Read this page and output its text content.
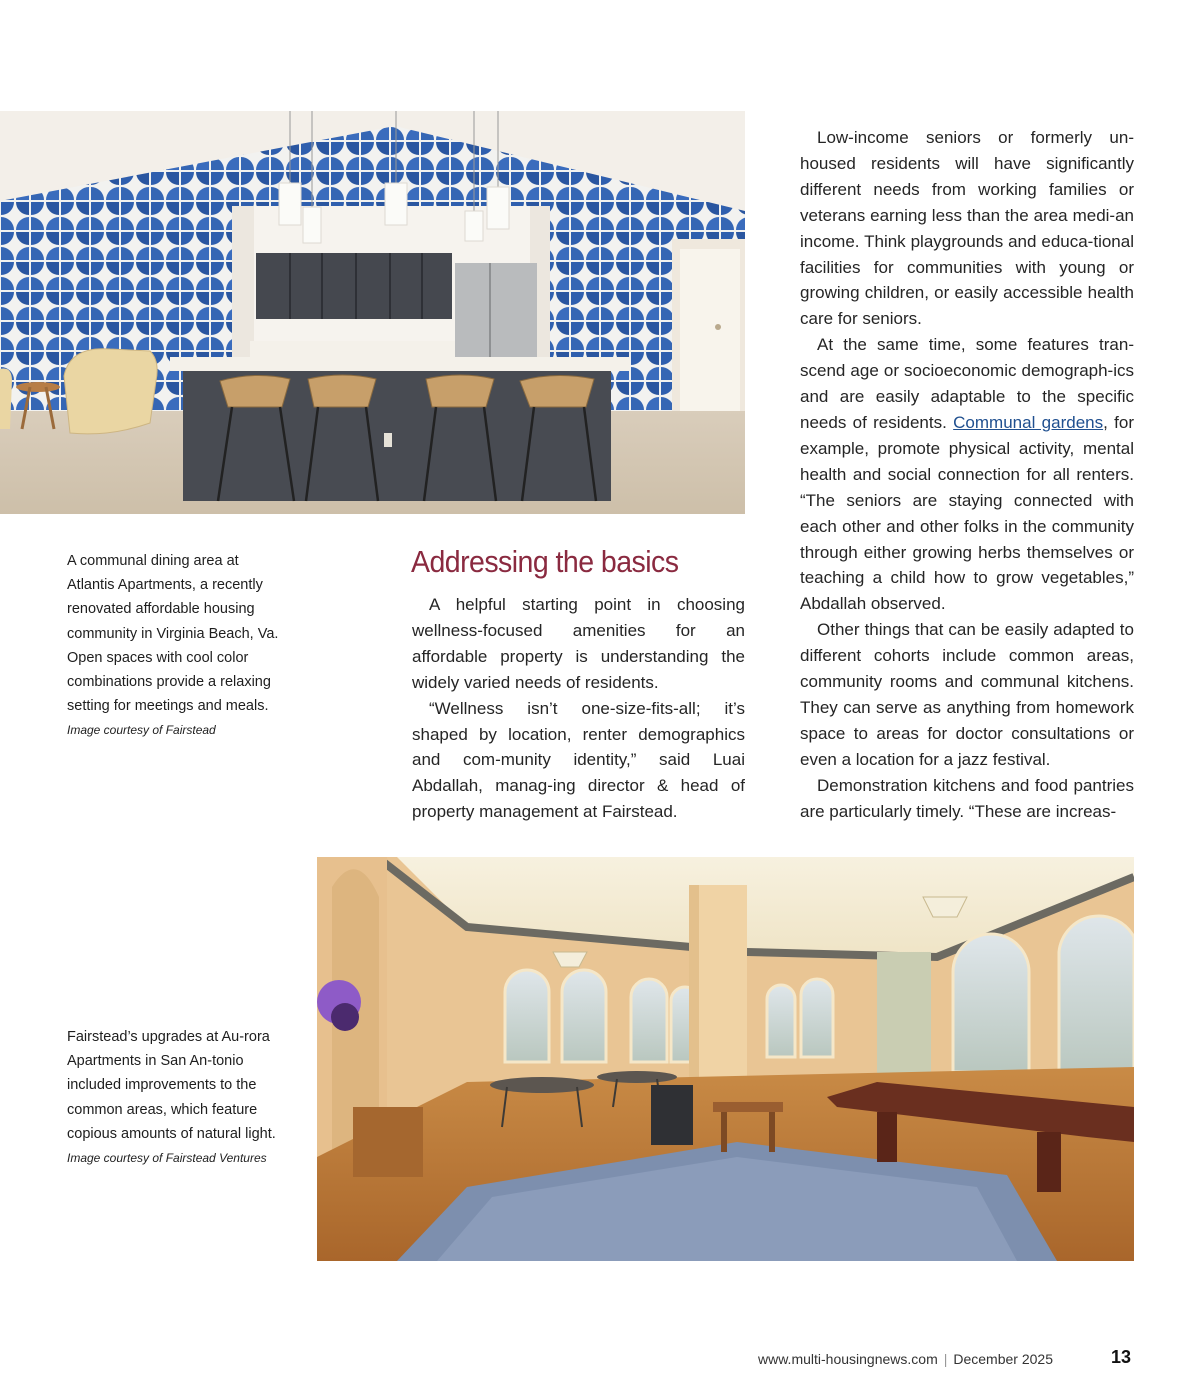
A communal dining area at Atlantis Apartments, a recently renovated affordable housing community in Virginia Beach, Va. Open spaces with cool color combinations provide a relaxing setting for meetings and meals. Image courtesy of Fairstead
Addressing the basics

A helpful starting point in choosing wellness-focused amenities for an affordable property is understanding the widely varied needs of residents.

“Wellness isn’t one-size-fits-all; it’s shaped by location, renter demographics and com-munity identity,” said Luai Abdallah, manag-ing director & head of property management at Fairstead.

Low-income seniors or formerly un-housed residents will have significantly different needs from working families or veterans earning less than the area medi-an income. Think playgrounds and educa-tional facilities for communities with young or growing children, or easily accessible health care for seniors.

At the same time, some features tran-scend age or socioeconomic demograph-ics and are easily adaptable to the specific needs of residents. Communal gardens, for example, promote physical activity, mental health and social connection for all renters. “The seniors are staying connected with each other and other folks in the community through either growing herbs themselves or teaching a child how to grow vegetables,” Abdallah observed.

Other things that can be easily adapted to different cohorts include common areas, community rooms and communal kitchens. They can serve as anything from homework space to areas for doctor consultations or even a location for a jazz festival.

Demonstration kitchens and food pantries are particularly timely. “These are increas-

Fairstead’s upgrades at Au-rora Apartments in San An-tonio included improvements to the common areas, which feature copious amounts of natural light. Image courtesy of Fairstead Ventures
www.multi-housingnews.com | December 2025	13
